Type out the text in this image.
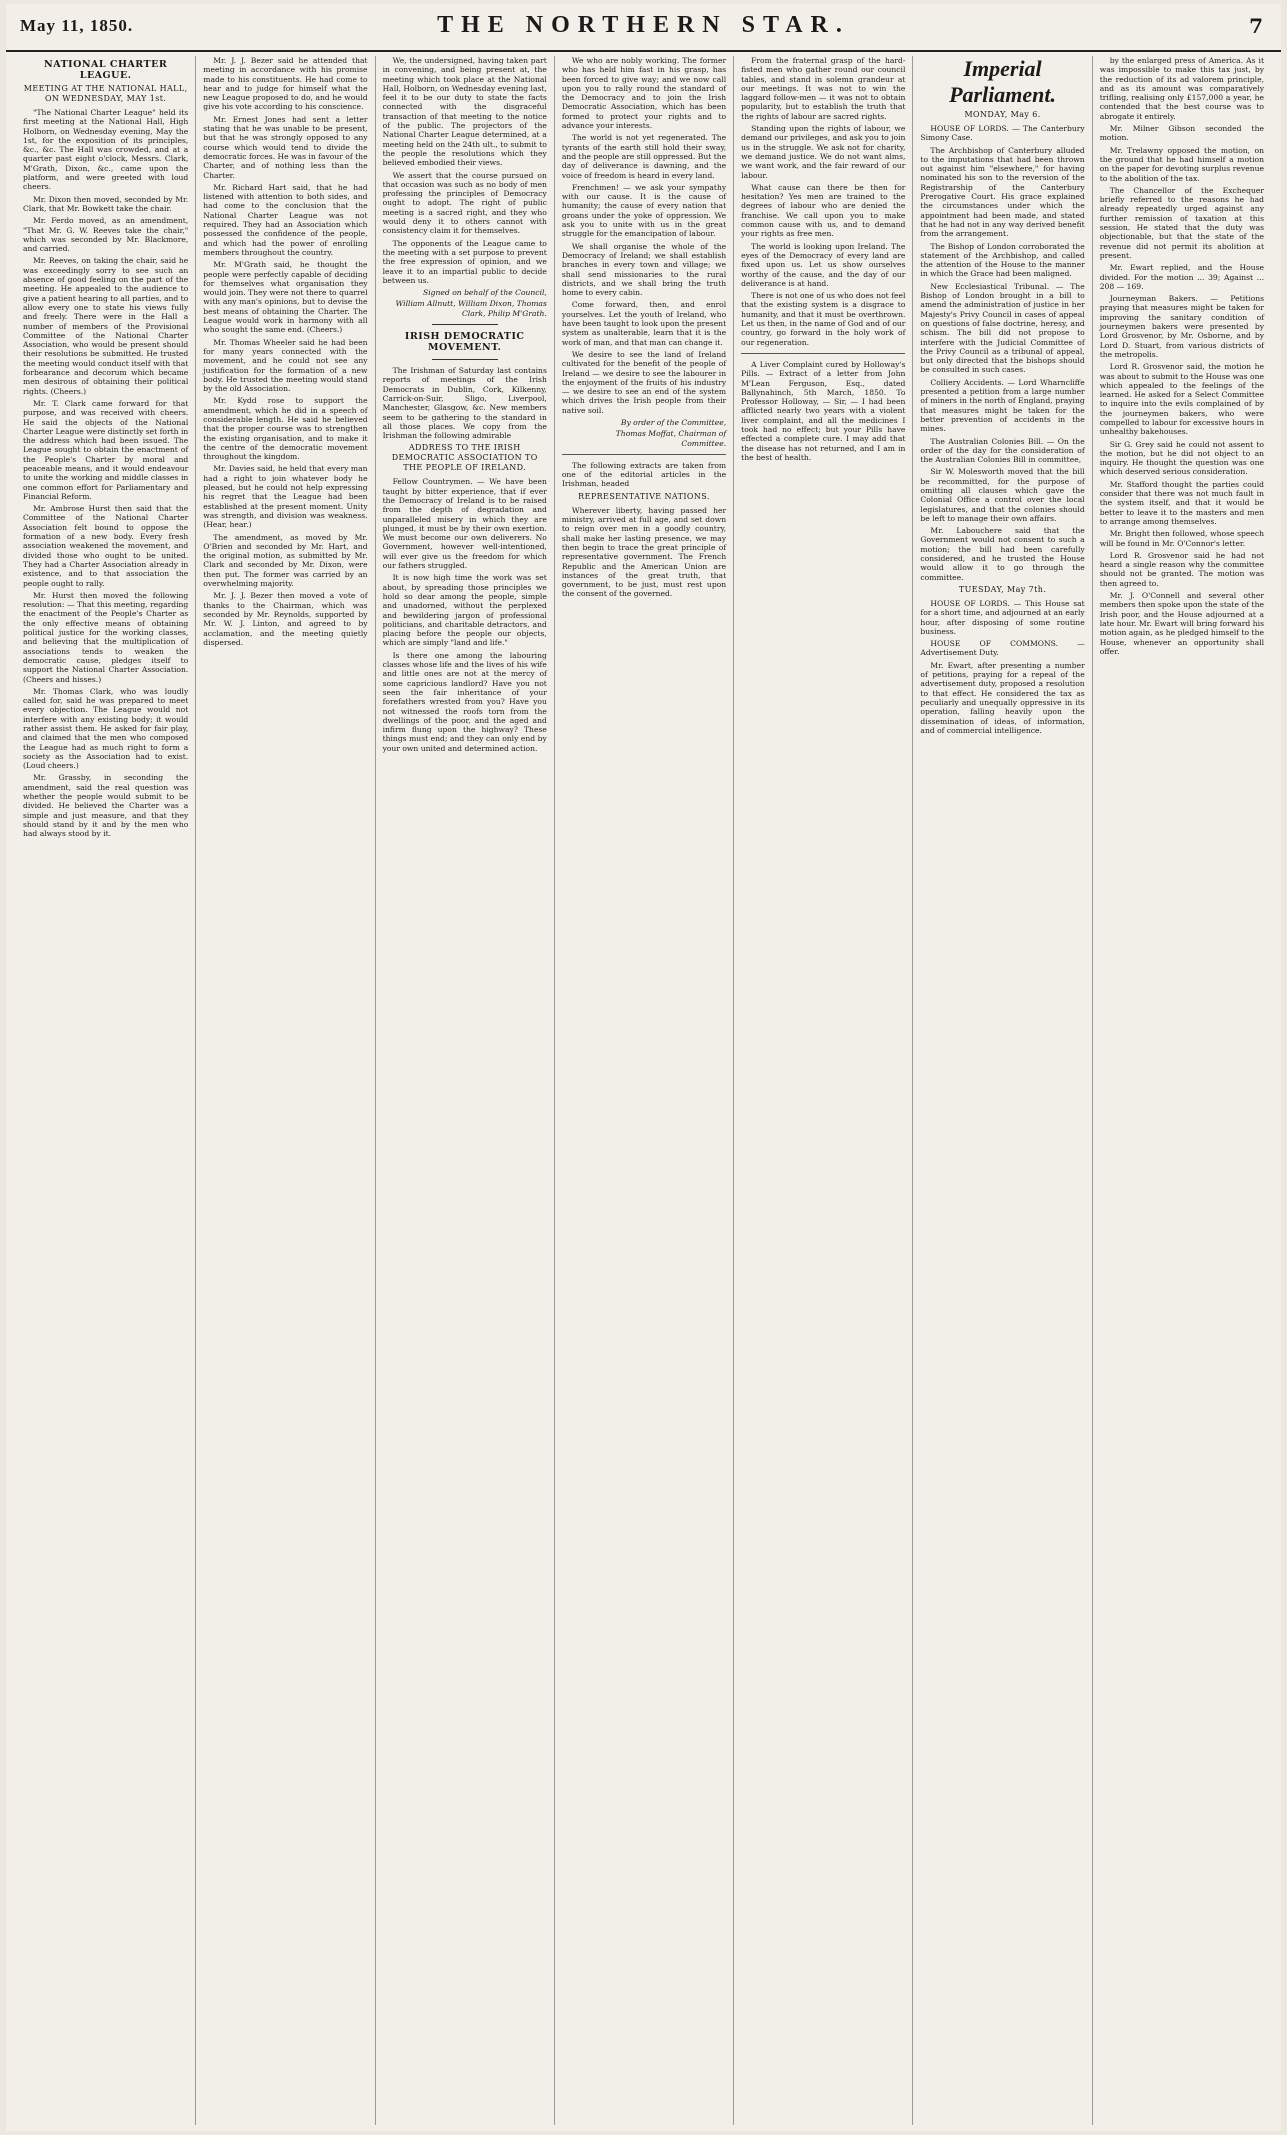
May 11, 1850.	THE NORTHERN STAR.	7
NATIONAL CHARTER LEAGUE.
MEETING AT THE NATIONAL HALL, ON WEDNESDAY, MAY 1st.

"The National Charter League" held its first meeting at the National Hall, High Holborn, on Wednesday evening, May the 1st, for the exposition of its principles, &c., &c. The Hall was crowded, and at a quarter past eight o'clock, Messrs. Clark, M'Grath, Dixon, &c., came upon the platform, and were greeted with loud cheers.

Mr. Dixon then moved, seconded by Mr. Clark, that Mr. Bowkett take the chair.

Mr. Ferdo moved, as an amendment, "That Mr. G. W. Reeves take the chair," which was seconded by Mr. Blackmore, and carried.

Mr. Reeves, on taking the chair, said he was exceedingly sorry to see such an absence of good feeling on the part of the meeting. He appealed to the audience to give a patient hearing to all parties, and to allow every one to state his views fully and freely. There were in the Hall a number of members of the Provisional Committee of the National Charter Association, who would be present should their resolutions be submitted. He trusted the meeting would conduct itself with that forbearance and decorum which became men desirous of obtaining their political rights. (Cheers.)

Mr. T. Clark came forward for that purpose, and was received with cheers. He said the objects of the National Charter League were distinctly set forth in the address which had been issued. The League sought to obtain the enactment of the People's Charter by moral and peaceable means, and it would endeavour to unite the working and middle classes in one common effort for Parliamentary and Financial Reform.

Mr. Ambrose Hurst then said that the Committee of the National Charter Association felt bound to oppose the formation of a new body. Every fresh association weakened the movement, and divided those who ought to be united. They had a Charter Association already in existence, and to that association the people ought to rally.

Mr. Hurst then moved the following resolution: — That this meeting, regarding the enactment of the People's Charter as the only effective means of obtaining political justice for the working classes, and believing that the multiplication of associations tends to weaken the democratic cause, pledges itself to support the National Charter Association. (Cheers and hisses.)

Mr. Thomas Clark, who was loudly called for, said he was prepared to meet every objection. The League would not interfere with any existing body; it would rather assist them. He asked for fair play, and claimed that the men who composed the League had as much right to form a society as the Association had to exist. (Loud cheers.)

Mr. Grassby, in seconding the amendment, said the real question was whether the people would submit to be divided. He believed the Charter was a simple and just measure, and that they should stand by it and by the men who had always stood by it.

Mr. J. J. Bezer said he attended that meeting in accordance with his promise made to his constituents. He had come to hear and to judge for himself what the new League proposed to do, and he would give his vote according to his conscience.

Mr. Ernest Jones had sent a letter stating that he was unable to be present, but that he was strongly opposed to any course which would tend to divide the democratic forces. He was in favour of the Charter, and of nothing less than the Charter.

Mr. Richard Hart said, that he had listened with attention to both sides, and had come to the conclusion that the National Charter League was not required. They had an Association which possessed the confidence of the people, and which had the power of enrolling members throughout the country.

Mr. M'Grath said, he thought the people were perfectly capable of deciding for themselves what organisation they would join. They were not there to quarrel with any man's opinions, but to devise the best means of obtaining the Charter. The League would work in harmony with all who sought the same end. (Cheers.)

Mr. Thomas Wheeler said he had been for many years connected with the movement, and he could not see any justification for the formation of a new body. He trusted the meeting would stand by the old Association.

Mr. Kydd rose to support the amendment, which he did in a speech of considerable length. He said he believed that the proper course was to strengthen the existing organisation, and to make it the centre of the democratic movement throughout the kingdom.

Mr. Davies said, he held that every man had a right to join whatever body he pleased, but he could not help expressing his regret that the League had been established at the present moment. Unity was strength, and division was weakness. (Hear, hear.)

The amendment, as moved by Mr. O'Brien and seconded by Mr. Hart, and the original motion, as submitted by Mr. Clark and seconded by Mr. Dixon, were then put. The former was carried by an overwhelming majority.

Mr. J. J. Bezer then moved a vote of thanks to the Chairman, which was seconded by Mr. Reynolds, supported by Mr. W. J. Linton, and agreed to by acclamation, and the meeting quietly dispersed.

We, the undersigned, having taken part in convening, and being present at, the meeting which took place at the National Hall, Holborn, on Wednesday evening last, feel it to be our duty to state the facts connected with the disgraceful transaction of that meeting to the notice of the public. The projectors of the National Charter League determined, at a meeting held on the 24th ult., to submit to the people the resolutions which they believed embodied their views.

We assert that the course pursued on that occasion was such as no body of men professing the principles of Democracy ought to adopt. The right of public meeting is a sacred right, and they who would deny it to others cannot with consistency claim it for themselves.

The opponents of the League came to the meeting with a set purpose to prevent the free expression of opinion, and we leave it to an impartial public to decide between us.

Signed on behalf of the Council,

William Allnutt, William Dixon, Thomas Clark, Philip M'Grath.

IRISH DEMOCRATIC MOVEMENT.

The Irishman of Saturday last contains reports of meetings of the Irish Democrats in Dublin, Cork, Kilkenny, Carrick-on-Suir, Sligo, Liverpool, Manchester, Glasgow, &c. New members seem to be gathering to the standard in all those places. We copy from the Irishman the following admirable

ADDRESS TO THE IRISH DEMOCRATIC ASSOCIATION TO THE PEOPLE OF IRELAND.

Fellow Countrymen. — We have been taught by bitter experience, that if ever the Democracy of Ireland is to be raised from the depth of degradation and unparalleled misery in which they are plunged, it must be by their own exertion. We must become our own deliverers. No Government, however well-intentioned, will ever give us the freedom for which our fathers struggled.

It is now high time the work was set about, by spreading those principles we hold so dear among the people, simple and unadorned, without the perplexed and bewildering jargon of professional politicians, and charitable detractors, and placing before the people our objects, which are simply "land and life."

Is there one among the labouring classes whose life and the lives of his wife and little ones are not at the mercy of some capricious landlord? Have you not seen the fair inheritance of your forefathers wrested from you? Have you not witnessed the roofs torn from the dwellings of the poor, and the aged and infirm flung upon the highway? These things must end; and they can only end by your own united and determined action.

We who are nobly working. The former who has held him fast in his grasp, has been forced to give way; and we now call upon you to rally round the standard of the Democracy and to join the Irish Democratic Association, which has been formed to protect your rights and to advance your interests.

The world is not yet regenerated. The tyrants of the earth still hold their sway, and the people are still oppressed. But the day of deliverance is dawning, and the voice of freedom is heard in every land.

Frenchmen! — we ask your sympathy with our cause. It is the cause of humanity; the cause of every nation that groans under the yoke of oppression. We ask you to unite with us in the great struggle for the emancipation of labour.

We shall organise the whole of the Democracy of Ireland; we shall establish branches in every town and village; we shall send missionaries to the rural districts, and we shall bring the truth home to every cabin.

Come forward, then, and enrol yourselves. Let the youth of Ireland, who have been taught to look upon the present system as unalterable, learn that it is the work of man, and that man can change it.

We desire to see the land of Ireland cultivated for the benefit of the people of Ireland — we desire to see the labourer in the enjoyment of the fruits of his industry — we desire to see an end of the system which drives the Irish people from their native soil.

By order of the Committee,

Thomas Moffat, Chairman of Committee.

The following extracts are taken from one of the editorial articles in the Irishman, headed

REPRESENTATIVE NATIONS.

Wherever liberty, having passed her ministry, arrived at full age, and set down to reign over men in a goodly country, shall make her lasting presence, we may then begin to trace the great principle of representative government. The French Republic and the American Union are instances of the great truth, that government, to be just, must rest upon the consent of the governed.

From the fraternal grasp of the hard-fisted men who gather round our council tables, and stand in solemn grandeur at our meetings. It was not to win the laggard follow-men — it was not to obtain popularity, but to establish the truth that the rights of labour are sacred rights.

Standing upon the rights of labour, we demand our privileges, and ask you to join us in the struggle. We ask not for charity, we demand justice. We do not want alms, we want work, and the fair reward of our labour.

What cause can there be then for hesitation? Yes men are trained to the degrees of labour who are denied the franchise. We call upon you to make common cause with us, and to demand your rights as free men.

The world is looking upon Ireland. The eyes of the Democracy of every land are fixed upon us. Let us show ourselves worthy of the cause, and the day of our deliverance is at hand.

There is not one of us who does not feel that the existing system is a disgrace to humanity, and that it must be overthrown. Let us then, in the name of God and of our country, go forward in the holy work of our regeneration.

A Liver Complaint cured by Holloway's Pills. — Extract of a letter from John M'Lean Ferguson, Esq., dated Ballynahinch, 5th March, 1850. To Professor Holloway, — Sir, — I had been afflicted nearly two years with a violent liver complaint, and all the medicines I took had no effect; but your Pills have effected a complete cure. I may add that the disease has not returned, and I am in the best of health.

Imperial Parliament.
MONDAY, May 6.

HOUSE OF LORDS. — The Canterbury Simony Case.

The Archbishop of Canterbury alluded to the imputations that had been thrown out against him "elsewhere," for having nominated his son to the reversion of the Registrarship of the Canterbury Prerogative Court. His grace explained the circumstances under which the appointment had been made, and stated that he had not in any way derived benefit from the arrangement.

The Bishop of London corroborated the statement of the Archbishop, and called the attention of the House to the manner in which the Grace had been maligned.

New Ecclesiastical Tribunal. — The Bishop of London brought in a bill to amend the administration of justice in her Majesty's Privy Council in cases of appeal on questions of false doctrine, heresy, and schism. The bill did not propose to interfere with the Judicial Committee of the Privy Council as a tribunal of appeal, but only directed that the bishops should be consulted in such cases.

Colliery Accidents. — Lord Wharncliffe presented a petition from a large number of miners in the north of England, praying that measures might be taken for the better prevention of accidents in the mines.

The Australian Colonies Bill. — On the order of the day for the consideration of the Australian Colonies Bill in committee,

Sir W. Molesworth moved that the bill be recommitted, for the purpose of omitting all clauses which gave the Colonial Office a control over the local legislatures, and that the colonies should be left to manage their own affairs.

Mr. Labouchere said that the Government would not consent to such a motion; the bill had been carefully considered, and he trusted the House would allow it to go through the committee.

TUESDAY, May 7th.

HOUSE OF LORDS. — This House sat for a short time, and adjourned at an early hour, after disposing of some routine business.

HOUSE OF COMMONS. — Advertisement Duty.

Mr. Ewart, after presenting a number of petitions, praying for a repeal of the advertisement duty, proposed a resolution to that effect. He considered the tax as peculiarly and unequally oppressive in its operation, falling heavily upon the dissemination of ideas, of information, and of commercial intelligence.

by the enlarged press of America. As it was impossible to make this tax just, by the reduction of its ad valorem principle, and as its amount was comparatively trifling, realising only £157,000 a year, he contended that the best course was to abrogate it entirely.

Mr. Milner Gibson seconded the motion.

Mr. Trelawny opposed the motion, on the ground that he had himself a motion on the paper for devoting surplus revenue to the abolition of the tax.

The Chancellor of the Exchequer briefly referred to the reasons he had already repeatedly urged against any further remission of taxation at this session. He stated that the duty was objectionable, but that the state of the revenue did not permit its abolition at present.

Mr. Ewart replied, and the House divided. For the motion ... 39; Against ... 208 — 169.

Journeyman Bakers. — Petitions praying that measures might be taken for improving the sanitary condition of journeymen bakers were presented by Lord Grosvenor, by Mr. Osborne, and by Lord D. Stuart, from various districts of the metropolis.

Lord R. Grosvenor said, the motion he was about to submit to the House was one which appealed to the feelings of the learned. He asked for a Select Committee to inquire into the evils complained of by the journeymen bakers, who were compelled to labour for excessive hours in unhealthy bakehouses.

Sir G. Grey said he could not assent to the motion, but he did not object to an inquiry. He thought the question was one which deserved serious consideration.

Mr. Stafford thought the parties could consider that there was not much fault in the system itself, and that it would be better to leave it to the masters and men to arrange among themselves.

Mr. Bright then followed, whose speech will be found in Mr. O'Connor's letter.

Lord R. Grosvenor said he had not heard a single reason why the committee should not be granted. The motion was then agreed to.

Mr. J. O'Connell and several other members then spoke upon the state of the Irish poor, and the House adjourned at a late hour. Mr. Ewart will bring forward his motion again, as he pledged himself to the House, whenever an opportunity shall offer.
